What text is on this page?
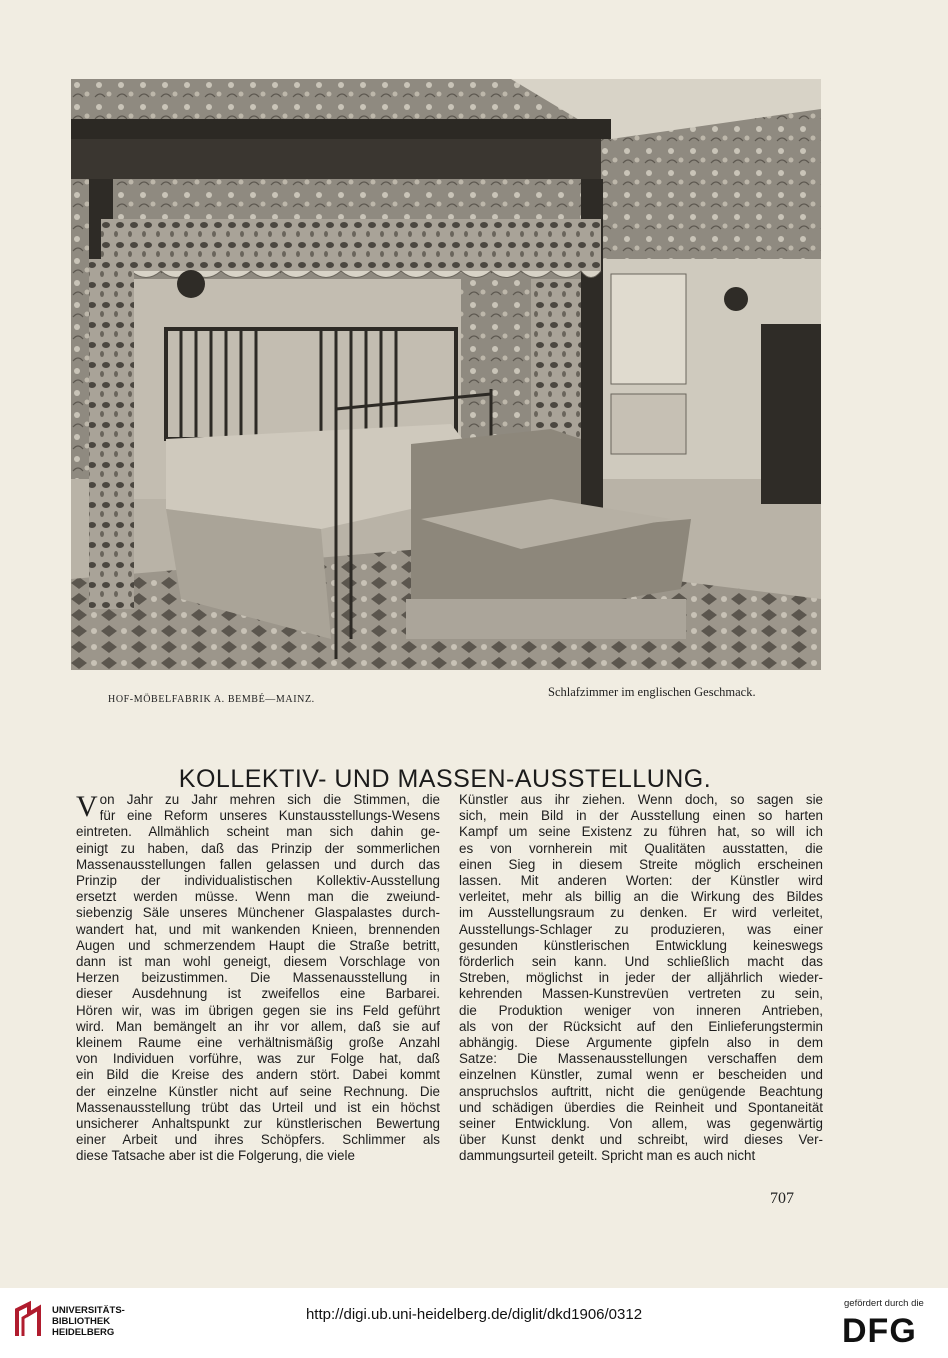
HOF-MÖBELFABRIK A. BEMBÉ—MAINZ.
Schlafzimmer im englischen Geschmack.
KOLLEKTIV- UND MASSEN-AUSSTELLUNG.
V on Jahr zu Jahr mehren sich die Stimmen, die
für eine Reform unseres Kunstausstellungs-Wesens
eintreten. Allmählich scheint man sich dahin ge-
einigt zu haben, daß das Prinzip der sommerlichen
Massenausstellungen fallen gelassen und durch das
Prinzip der individualistischen Kollektiv-Ausstellung
ersetzt werden müsse. Wenn man die zweiund-
siebenzig Säle unseres Münchener Glaspalastes durch-
wandert hat, und mit wankenden Knieen, brennenden
Augen und schmerzendem Haupt die Straße betritt,
dann ist man wohl geneigt, diesem Vorschlage von
Herzen beizustimmen. Die Massenausstellung in
dieser Ausdehnung ist zweifellos eine Barbarei.
Hören wir, was im übrigen gegen sie ins Feld geführt
wird. Man bemängelt an ihr vor allem, daß sie auf
kleinem Raume eine verhältnismäßig große Anzahl
von Individuen vorführe, was zur Folge hat, daß
ein Bild die Kreise des andern stört. Dabei kommt
der einzelne Künstler nicht auf seine Rechnung. Die
Massenausstellung trübt das Urteil und ist ein höchst
unsicherer Anhaltspunkt zur künstlerischen Bewertung
einer Arbeit und ihres Schöpfers. Schlimmer als
diese Tatsache aber ist die Folgerung, die viele
Künstler aus ihr ziehen. Wenn doch, so sagen sie
sich, mein Bild in der Ausstellung einen so harten
Kampf um seine Existenz zu führen hat, so will ich
es von vornherein mit Qualitäten ausstatten, die
einen Sieg in diesem Streite möglich erscheinen
lassen. Mit anderen Worten: der Künstler wird
verleitet, mehr als billig an die Wirkung des Bildes
im Ausstellungsraum zu denken. Er wird verleitet,
Ausstellungs-Schlager zu produzieren, was einer
gesunden künstlerischen Entwicklung keineswegs
förderlich sein kann. Und schließlich macht das
Streben, möglichst in jeder der alljährlich wieder-
kehrenden Massen-Kunstrevüen vertreten zu sein,
die Produktion weniger von inneren Antrieben,
als von der Rücksicht auf den Einlieferungstermin
abhängig. Diese Argumente gipfeln also in dem
Satze: Die Massenausstellungen verschaffen dem
einzelnen Künstler, zumal wenn er bescheiden und
anspruchslos auftritt, nicht die genügende Beachtung
und schädigen überdies die Reinheit und Spontaneität
seiner Entwicklung. Von allem, was gegenwärtig
über Kunst denkt und schreibt, wird dieses Ver-
dammungsurteil geteilt. Spricht man es auch nicht
707
UNIVERSITÄTS-
BIBLIOTHEK
HEIDELBERG
http://digi.ub.uni-heidelberg.de/diglit/dkd1906/0312
gefördert durch die
DFG
